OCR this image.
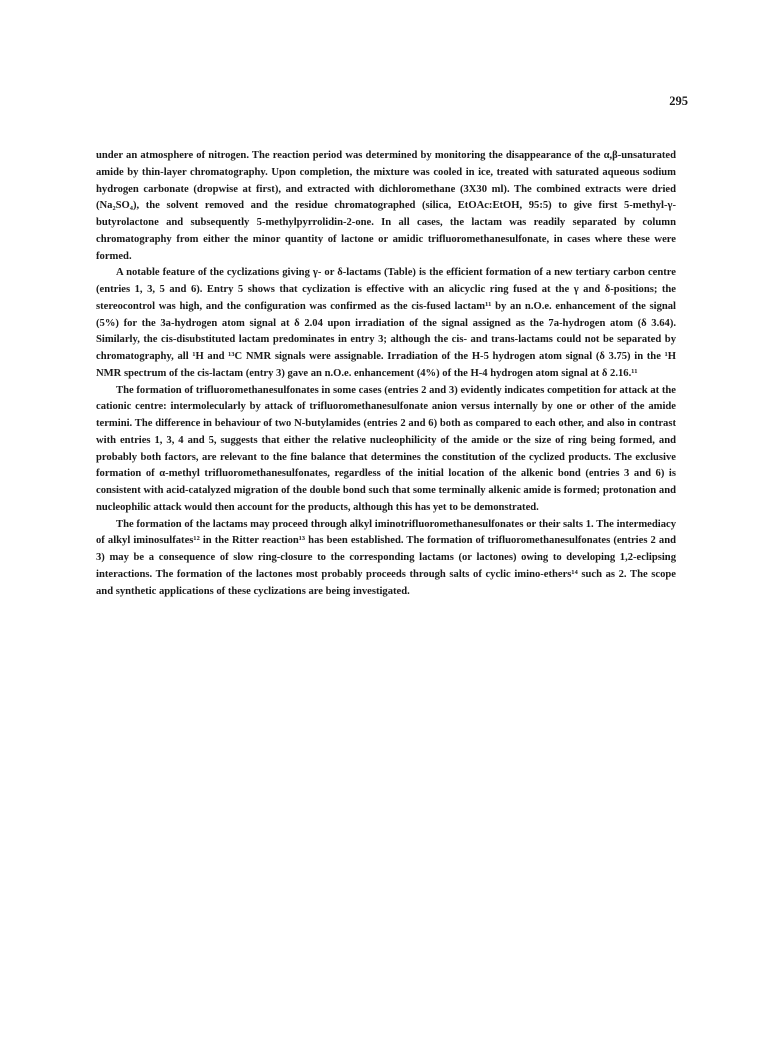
295

under an atmosphere of nitrogen. The reaction period was determined by monitoring the disappearance of the α,β-unsaturated amide by thin-layer chromatography. Upon completion, the mixture was cooled in ice, treated with saturated aqueous sodium hydrogen carbonate (dropwise at first), and extracted with dichloromethane (3X30 ml). The combined extracts were dried (Na₂SO₄), the solvent removed and the residue chromatographed (silica, EtOAc:EtOH, 95:5) to give first 5-methyl-γ-butyrolactone and subsequently 5-methylpyrrolidin-2-one. In all cases, the lactam was readily separated by column chromatography from either the minor quantity of lactone or amidic trifluoromethanesulfonate, in cases where these were formed.

A notable feature of the cyclizations giving γ- or δ-lactams (Table) is the efficient formation of a new tertiary carbon centre (entries 1, 3, 5 and 6). Entry 5 shows that cyclization is effective with an alicyclic ring fused at the γ and δ-positions; the stereocontrol was high, and the configuration was confirmed as the cis-fused lactam¹¹ by an n.O.e. enhancement of the signal (5%) for the 3a-hydrogen atom signal at δ 2.04 upon irradiation of the signal assigned as the 7a-hydrogen atom (δ 3.64). Similarly, the cis-disubstituted lactam predominates in entry 3; although the cis- and trans-lactams could not be separated by chromatography, all ¹H and ¹³C NMR signals were assignable. Irradiation of the H-5 hydrogen atom signal (δ 3.75) in the ¹H NMR spectrum of the cis-lactam (entry 3) gave an n.O.e. enhancement (4%) of the H-4 hydrogen atom signal at δ 2.16.¹¹

The formation of trifluoromethanesulfonates in some cases (entries 2 and 3) evidently indicates competition for attack at the cationic centre: intermolecularly by attack of trifluoromethanesulfonate anion versus internally by one or other of the amide termini. The difference in behaviour of two N-butylamides (entries 2 and 6) both as compared to each other, and also in contrast with entries 1, 3, 4 and 5, suggests that either the relative nucleophilicity of the amide or the size of ring being formed, and probably both factors, are relevant to the fine balance that determines the constitution of the cyclized products. The exclusive formation of α-methyl trifluoromethanesulfonates, regardless of the initial location of the alkenic bond (entries 3 and 6) is consistent with acid-catalyzed migration of the double bond such that some terminally alkenic amide is formed; protonation and nucleophilic attack would then account for the products, although this has yet to be demonstrated.

The formation of the lactams may proceed through alkyl iminotrifluoromethanesulfonates or their salts 1. The intermediacy of alkyl iminosulfates¹² in the Ritter reaction¹³ has been established. The formation of trifluoromethanesulfonates (entries 2 and 3) may be a consequence of slow ring-closure to the corresponding lactams (or lactones) owing to developing 1,2-eclipsing interactions. The formation of the lactones most probably proceeds through salts of cyclic imino-ethers¹⁴ such as 2. The scope and synthetic applications of these cyclizations are being investigated.
